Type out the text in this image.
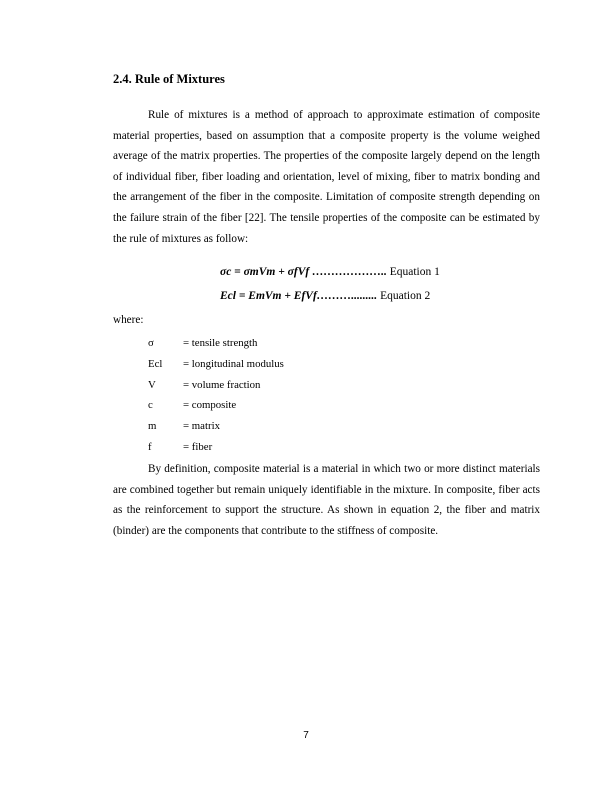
2.4. Rule of Mixtures

Rule of mixtures is a method of approach to approximate estimation of composite material properties, based on assumption that a composite property is the volume weighed average of the matrix properties. The properties of the composite largely depend on the length of individual fiber, fiber loading and orientation, level of mixing, fiber to matrix bonding and the arrangement of the fiber in the composite. Limitation of composite strength depending on the failure strain of the fiber [22]. The tensile properties of the composite can be estimated by the rule of mixtures as follow:

σc = σmVm + σfVf ……………….. Equation 1
Ecl = EmVm + EfVf………......... Equation 2
where:
σ	= tensile strength
Ecl = longitudinal modulus
V	= volume fraction
c	= composite
m = matrix
f	= fiber

By definition, composite material is a material in which two or more distinct materials are combined together but remain uniquely identifiable in the mixture. In composite, fiber acts as the reinforcement to support the structure. As shown in equation 2, the fiber and matrix (binder) are the components that contribute to the stiffness of composite.

7
